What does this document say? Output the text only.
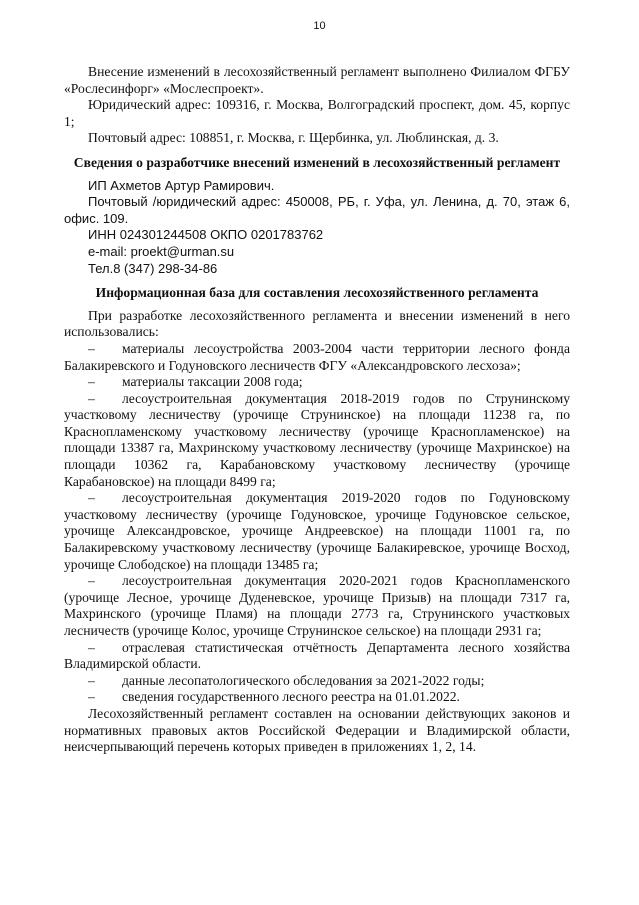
10

Внесение изменений в лесохозяйственный регламент выполнено Филиалом ФГБУ «Рослесинфорг» «Мослеспроект».

Юридический адрес: 109316, г. Москва, Волгоградский проспект, дом. 45, корпус 1;

Почтовый адрес: 108851, г. Москва, г. Щербинка, ул. Люблинская, д. 3.

Сведения о разработчике внесений изменений в лесохозяйственный регламент

ИП Ахметов Артур Рамирович.

Почтовый /юридический адрес: 450008, РБ, г. Уфа, ул. Ленина, д. 70, этаж 6, офис. 109.

ИНН 024301244508 ОКПО 0201783762

e-mail: proekt@urman.su

Тел.8 (347) 298-34-86

Информационная база для составления лесохозяйственного регламента

При разработке лесохозяйственного регламента и внесении изменений в него использовались:

– материалы лесоустройства 2003-2004 части территории лесного фонда Балакиревского и Годуновского лесничеств ФГУ «Александровского лесхоза»;

– материалы таксации 2008 года;

– лесоустроительная документация 2018-2019 годов по Струнинскому участковому лесничеству (урочище Струнинское) на площади 11238 га, по Краснопламенскому участковому лесничеству (урочище Краснопламенское) на площади 13387 га, Махринскому участковому лесничеству (урочище Махринское) на площади 10362 га, Карабановскому участковому лесничеству (урочище Карабановское) на площади 8499 га;

– лесоустроительная документация 2019-2020 годов по Годуновскому участковому лесничеству (урочище Годуновское, урочище Годуновское сельское, урочище Александровское, урочище Андреевское) на площади 11001 га, по Балакиревскому участковому лесничеству (урочище Балакиревское, урочище Восход, урочище Слободское) на площади 13485 га;

– лесоустроительная документация 2020-2021 годов Краснопламенского (урочище Лесное, урочище Дуденевское, урочище Призыв) на площади 7317 га, Махринского (урочище Пламя) на площади 2773 га, Струнинского участковых лесничеств (урочище Колос, урочище Струнинское сельское) на площади 2931 га;

– отраслевая статистическая отчётность Департамента лесного хозяйства Владимирской области.

– данные лесопатологического обследования за 2021-2022 годы;

– сведения государственного лесного реестра на 01.01.2022.

Лесохозяйственный регламент составлен на основании действующих законов и нормативных правовых актов Российской Федерации и Владимирской области, неисчерпывающий перечень которых приведен в приложениях 1, 2, 14.
